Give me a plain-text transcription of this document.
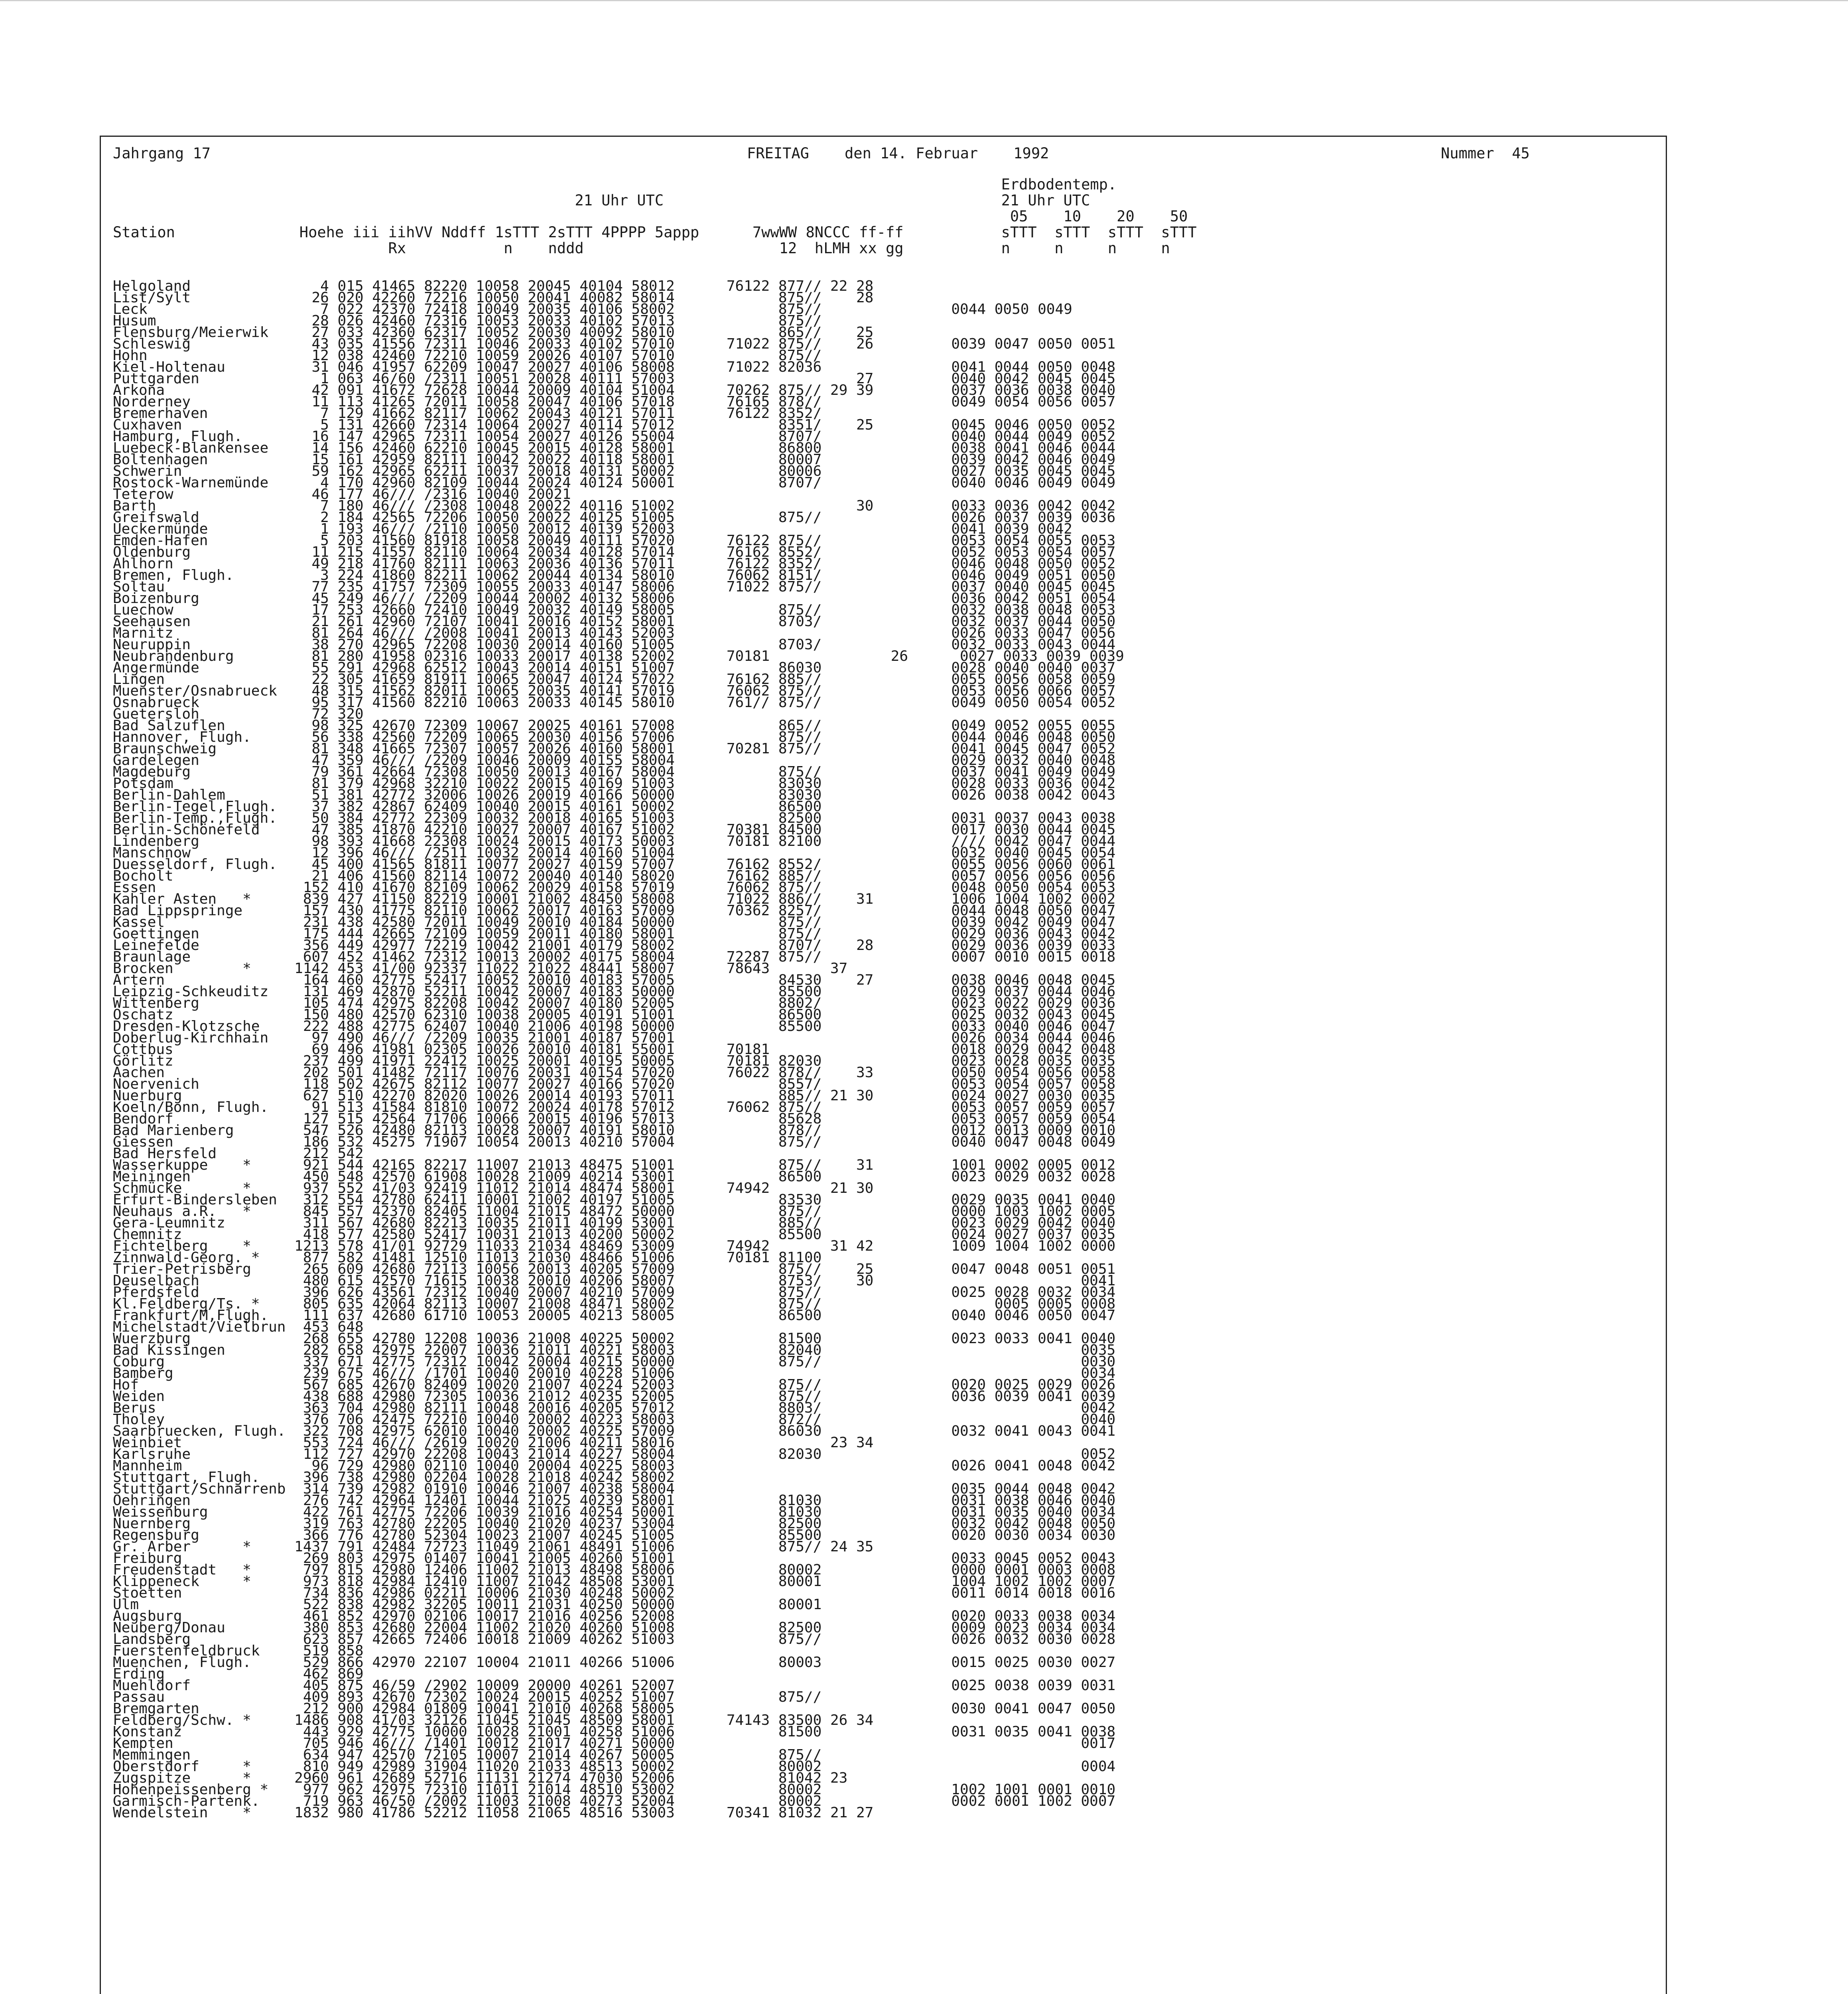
Jahrgang 17	FREITAG    den 14. Februar    1992	Nummer  45
Erdbodentemp.
21 Uhr UTC                                      21 Uhr UTC
05    10    20    50
Station              Hoehe iii iihVV Nddff 1sTTT 2sTTT 4PPPP 5appp      7wwWW 8NCCC ff-ff           sTTT  sTTT  sTTT  sTTT
Rx           n    nddd                      12  hLMH xx gg           n     n     n     n
Helgoland               4 015 41465 82220 10058 20045 40104 58012      76122 877// 22 28
List/Sylt              26 020 42260 72216 10050 20041 40082 58014            875//    28
Leck                    7 022 42370 72418 10049 20035 40106 58002            875//               0044 0050 0049
Husum                  28 026 42460 72316 10053 20033 40102 57013            875//
Flensburg/Meierwik     27 033 42360 62317 10052 20030 40092 58010            865//    25
Schleswig              43 035 41556 72311 10046 20033 40102 57010      71022 875//    26         0039 0047 0050 0051
Hohn                   12 038 42460 72210 10059 20026 40107 57010            875//
Kiel-Holtenau          31 046 41957 62209 10047 20027 40106 58008      71022 82036               0041 0044 0050 0048
Puttgarden              1 063 46/60 /2311 10051 20028 40111 57003                     27         0040 0042 0045 0045
Arkona                 42 091 41672 72628 10044 20009 40104 51004      70262 875// 29 39         0037 0036 0038 0040
Norderney              11 113 41265 72011 10058 20047 40106 57018      76165 878//               0049 0054 0056 0057
Bremerhaven             7 129 41662 82117 10062 20043 40121 57011      76122 8352/
Cuxhaven                5 131 42660 72314 10064 20027 40114 57012            8351/    25         0045 0046 0050 0052
Hamburg, Flugh.        16 147 42965 72311 10054 20027 40126 55004            8707/               0040 0044 0049 0052
Luebeck-Blankensee     14 156 42460 62210 10045 20015 40128 58001            86800               0038 0041 0046 0044
Boltenhagen            15 161 42959 82111 10042 20022 40118 58001            80007               0039 0042 0046 0049
Schwerin               59 162 42965 62211 10037 20018 40131 50002            80006               0027 0035 0045 0045
Rostock-Warnemünde      4 170 42960 82109 10044 20024 40124 50001            8707/               0040 0046 0049 0049
Teterow                46 177 46/// /2316 10040 20021
Barth                   7 180 46/// /2308 10048 20022 40116 51002                     30         0033 0036 0042 0042
Greifswald              2 184 42565 72206 10050 20022 40125 51005            875//               0026 0037 0039 0036
Ueckermünde             1 193 46/// /2110 10050 20012 40139 52003                                0041 0039 0042
Emden-Hafen             5 203 41560 81918 10058 20049 40111 57020      76122 875//               0053 0054 0055 0053
Oldenburg              11 215 41557 82110 10064 20034 40128 57014      76162 8552/               0052 0053 0054 0057
Ahlhorn                49 218 41760 82111 10063 20036 40136 57011      76122 8352/               0046 0048 0050 0052
Bremen, Flugh.          3 224 41860 82211 10062 20044 40134 58010      76062 8151/               0046 0049 0051 0050
Soltau                 77 235 41757 72309 10055 20033 40147 58006      71022 875//               0037 0040 0045 0045
Boizenburg             45 249 46/// /2209 10044 20002 40132 58006                                0036 0042 0051 0054
Luechow                17 253 42660 72410 10049 20032 40149 58005            875//               0032 0038 0048 0053
Seehausen              21 261 42960 72107 10041 20016 40152 58001            8703/               0032 0037 0044 0050
Marnitz                81 264 46/// /2008 10041 20013 40143 52003                                0026 0033 0047 0056
Neuruppin              38 270 42965 72208 10030 20014 40160 51005            8703/               0032 0033 0043 0044
Neubrandenburg         81 280 41958 02316 10033 20017 40138 52002      70181              26      0027 0033 0039 0039
Angermünde             55 291 42968 62512 10043 20014 40151 51007            86030               0028 0040 0040 0037
Lingen                 22 305 41659 81911 10065 20047 40124 57022      76162 885//               0055 0056 0058 0059
Muenster/Osnabrueck    48 315 41562 82011 10065 20035 40141 57019      76062 875//               0053 0056 0066 0057
Osnabrueck             95 317 41560 82210 10063 20033 40145 58010      761// 875//               0049 0050 0054 0052
Guetersloh             72 320
Bad Salzuflen          98 325 42670 72309 10067 20025 40161 57008            865//               0049 0052 0055 0055
Hannover, Flugh.       56 338 42560 72209 10065 20030 40156 57006            875//               0044 0046 0048 0050
Braunschweig           81 348 41665 72307 10057 20026 40160 58001      70281 875//               0041 0045 0047 0052
Gardelegen             47 359 46/// /2209 10046 20009 40155 58004                                0029 0032 0040 0048
Magdeburg              79 361 42664 72308 10050 20013 40167 58004            875//               0037 0041 0049 0049
Potsdam                81 379 42968 32210 10022 20015 40169 51003            83030               0028 0033 0036 0042
Berlin-Dahlem          51 381 42772 32006 10026 20019 40166 50000            83030               0026 0038 0042 0043
Berlin-Tegel,Flugh.    37 382 42867 62409 10040 20015 40161 50002            86500
Berlin-Temp.,Flugh.    50 384 42772 22309 10032 20018 40165 51003            82500               0031 0037 0043 0038
Berlin-Schönefeld      47 385 41870 42210 10027 20007 40167 51002      70381 84500               0017 0030 0044 0045
Lindenberg             98 393 41668 22308 10024 20015 40173 50003      70181 82100               //// 0042 0047 0044
Manschnow              12 396 46/// /2511 10032 20014 40160 51004                                0032 0040 0045 0054
Duesseldorf, Flugh.    45 400 41565 81811 10077 20027 40159 57007      76162 8552/               0055 0056 0060 0061
Bocholt                21 406 41560 82114 10072 20040 40140 58020      76162 885//               0057 0056 0056 0056
Essen                 152 410 41670 82109 10062 20029 40158 57019      76062 875//               0048 0050 0054 0053
Kahler Asten   *      839 427 41150 82219 10001 21002 48450 58008      71022 886//    31         1006 1004 1002 0002
Bad Lippspringe       157 430 41775 82110 10062 20017 40163 57009      70362 8257/               0044 0048 0050 0047
Kassel                231 438 42580 72011 10049 20010 40184 50000            875//               0039 0042 0049 0047
Goettingen            175 444 42665 72109 10059 20011 40180 58001            875//               0029 0036 0043 0042
Leinefelde            356 449 42977 72219 10042 21001 40179 58002            8707/    28         0029 0036 0039 0033
Braunlage             607 452 41462 72312 10013 20002 40175 58004      72287 875//               0007 0010 0015 0018
Brocken        *     1142 453 41/00 92337 11022 21022 48441 58007      78643       37
Artern                164 460 42775 52417 10052 20010 40183 57005            84530    27         0038 0046 0048 0045
Leipzig-Schkeuditz    131 469 42870 52211 10042 20007 40183 50000            85500               0029 0037 0044 0046
Wittenberg            105 474 42975 82208 10042 20007 40180 52005            8802/               0023 0022 0029 0036
Oschatz               150 480 42570 62310 10038 20005 40191 51001            86500               0025 0032 0043 0045
Dresden-Klotzsche     222 488 42775 62407 10040 21006 40198 50000            85500               0033 0040 0046 0047
Doberlug-Kirchhain     97 490 46/// /2209 10035 21001 40187 57001                                0026 0034 0044 0046
Cottbus                69 496 41981 02305 10026 20010 40181 55001      70181                     0018 0029 0042 0048
Görlitz               237 499 41971 22412 10025 20001 40195 50005      70181 82030               0023 0028 0035 0035
Aachen                202 501 41482 72117 10076 20031 40154 57020      76022 878//    33         0050 0054 0056 0058
Noervenich            118 502 42675 82112 10077 20027 40166 57020            8557/               0053 0054 0057 0058
Nuerburg              627 510 42270 82020 10026 20014 40193 57011            885// 21 30         0024 0027 0030 0035
Koeln/Bonn, Flugh.     91 513 41584 81810 10072 20024 40178 57012      76062 875//               0053 0057 0059 0057
Bendorf               127 515 42564 71706 10066 20015 40196 57013            85628               0053 0057 0059 0054
Bad Marienberg        547 526 42480 82113 10028 20007 40191 58010            878//               0012 0013 0009 0010
Giessen               186 532 45275 71907 10054 20013 40210 57004            875//               0040 0047 0048 0049
Bad Hersfeld          212 542
Wasserkuppe    *      921 544 42165 82217 11007 21013 48475 51001            875//    31         1001 0002 0005 0012
Meiningen             450 548 42570 61908 10028 21009 40214 53001            86500               0023 0029 0032 0028
Schmücke       *      937 552 41/03 92419 11012 21014 48474 58001      74942       21 30
Erfurt-Bindersleben   312 554 42780 62411 10001 21002 40197 51005            83530               0029 0035 0041 0040
Neuhaus a.R.   *      845 557 42370 82405 11004 21015 48472 50000            875//               0000 1003 1002 0005
Gera-Leumnitz         311 567 42680 82213 10035 21011 40199 53001            885//               0023 0029 0042 0040
Chemnitz              418 577 42580 52417 10031 21013 40200 50002            85500               0024 0027 0037 0035
Fichtelberg    *     1213 578 41/01 92729 11033 21034 48469 53009      74942       31 42         1009 1004 1002 0000
Zinnwald-Georg. *     877 582 41481 12510 11013 21030 48466 51006      70181 81100
Trier-Petrisberg      265 609 42680 72113 10056 20013 40205 57009            875//    25         0047 0048 0051 0051
Deuselbach            480 615 42570 71615 10038 20010 40206 58007            8753/    30                        0041
Pferdsfeld            396 626 43561 72312 10040 20007 40210 57009            875//               0025 0028 0032 0034
Kl.Feldberg/Ts. *     805 635 42064 82113 10007 21008 48471 58002            875//                    0005 0005 0008
Frankfurt/M,Flugh.    111 637 42680 61710 10053 20005 40213 58005            86500               0040 0046 0050 0047
Michelstadt/Vielbrun  453 648
Wuerzburg             268 655 42780 12208 10036 21008 40225 50002            81500               0023 0033 0041 0040
Bad Kissingen         282 658 42975 22007 10036 21011 40221 58003            82040                              0035
Coburg                337 671 42775 72312 10042 20004 40215 50000            875//                              0030
Bamberg               239 675 46/// /1701 10040 20010 40228 51006                                               0034
Hof                   567 685 42670 82409 10020 21007 40224 52003            875//               0020 0025 0029 0026
Weiden                438 688 42980 72305 10036 21012 40235 52005            875//               0036 0039 0041 0039
Berus                 363 704 42980 82111 10048 20016 40205 57012            8803/                              0042
Tholey                376 706 42475 72210 10040 20002 40223 58003            872//                              0040
Saarbruecken, Flugh.  322 708 42975 62010 10040 20002 40225 57009            86030               0032 0041 0043 0041
Weinbiet              553 724 46/// /2619 10020 21006 40211 58016                  23 34
Karlsruhe             112 727 42970 22208 10043 21014 40227 58004            82030                              0052
Mannheim               96 729 42980 02110 10040 20004 40225 58003                                0026 0041 0048 0042
Stuttgart, Flugh.     396 738 42980 02204 10028 21018 40242 58002
Stuttgart/Schnarrenb  314 739 42982 01910 10046 21007 40238 58004                                0035 0044 0048 0042
Oehringen             276 742 42964 12401 10044 21025 40239 58001            81030               0031 0038 0046 0040
Weissenburg           422 761 42775 72206 10039 21016 40254 50001            81030               0031 0035 0040 0034
Nuernberg             319 763 42780 22205 10040 21020 40237 53004            82500               0032 0042 0048 0050
Regensburg            366 776 42780 52304 10023 21007 40245 51005            85500               0020 0030 0034 0030
Gr. Arber      *     1437 791 42484 72723 11049 21061 48491 51006            875// 24 35
Freiburg              269 803 42975 01407 10041 21005 40260 51001                                0033 0045 0052 0043
Freudenstadt   *      797 815 42980 12406 11002 21013 48498 58006            80002               0000 0001 0003 0008
Klippeneck     *      973 818 42984 12410 11007 21042 48508 53001            80001               1004 1002 1002 0007
Stoetten              734 836 42986 02211 10006 21030 40248 50002                                0011 0014 0018 0016
Ulm                   522 838 42982 32205 10011 21031 40250 50000            80001
Augsburg              461 852 42970 02106 10017 21016 40256 52008                                0020 0033 0038 0034
Neuberg/Donau         380 853 42680 22004 11002 21020 40260 51008            82500               0009 0023 0034 0034
Landsberg             623 857 42665 72406 10018 21009 40262 51003            875//               0026 0032 0030 0028
Fuerstenfeldbruck     519 858
Muenchen, Flugh.      529 866 42970 22107 10004 21011 40266 51006            80003               0015 0025 0030 0027
Erding                462 869
Muehldorf             405 875 46/59 /2902 10009 20000 40261 52007                                0025 0038 0039 0031
Passau                409 893 42670 72302 10024 20015 40252 51007            875//
Bremgarten            212 900 42984 01809 10041 21010 40268 58005                                0030 0041 0047 0050
Feldberg/Schw. *     1486 908 41/03 32126 11045 21045 48509 58001      74143 83500 26 34
Konstanz              443 929 42775 10000 10028 21001 40258 51006            81500               0031 0035 0041 0038
Kempten               705 946 46/// /1401 10012 21017 40271 50000                                               0017
Memmingen             634 947 42570 72105 10007 21014 40267 50005            875//
Oberstdorf     *      810 949 42989 31904 11020 21033 48513 50002            80002                              0004
Zugspitze      *     2960 961 42689 52716 11131 21274 47030 52006            81042 23
Hohenpeissenberg *    977 962 42975 72310 11011 21014 48510 53002            80002               1002 1001 0001 0010
Garmisch-Partenk.     719 963 46/50 /2002 11003 21008 40273 52004            80002               0002 0001 1002 0007
Wendelstein    *     1832 980 41786 52212 11058 21065 48516 53003      70341 81032 21 27
